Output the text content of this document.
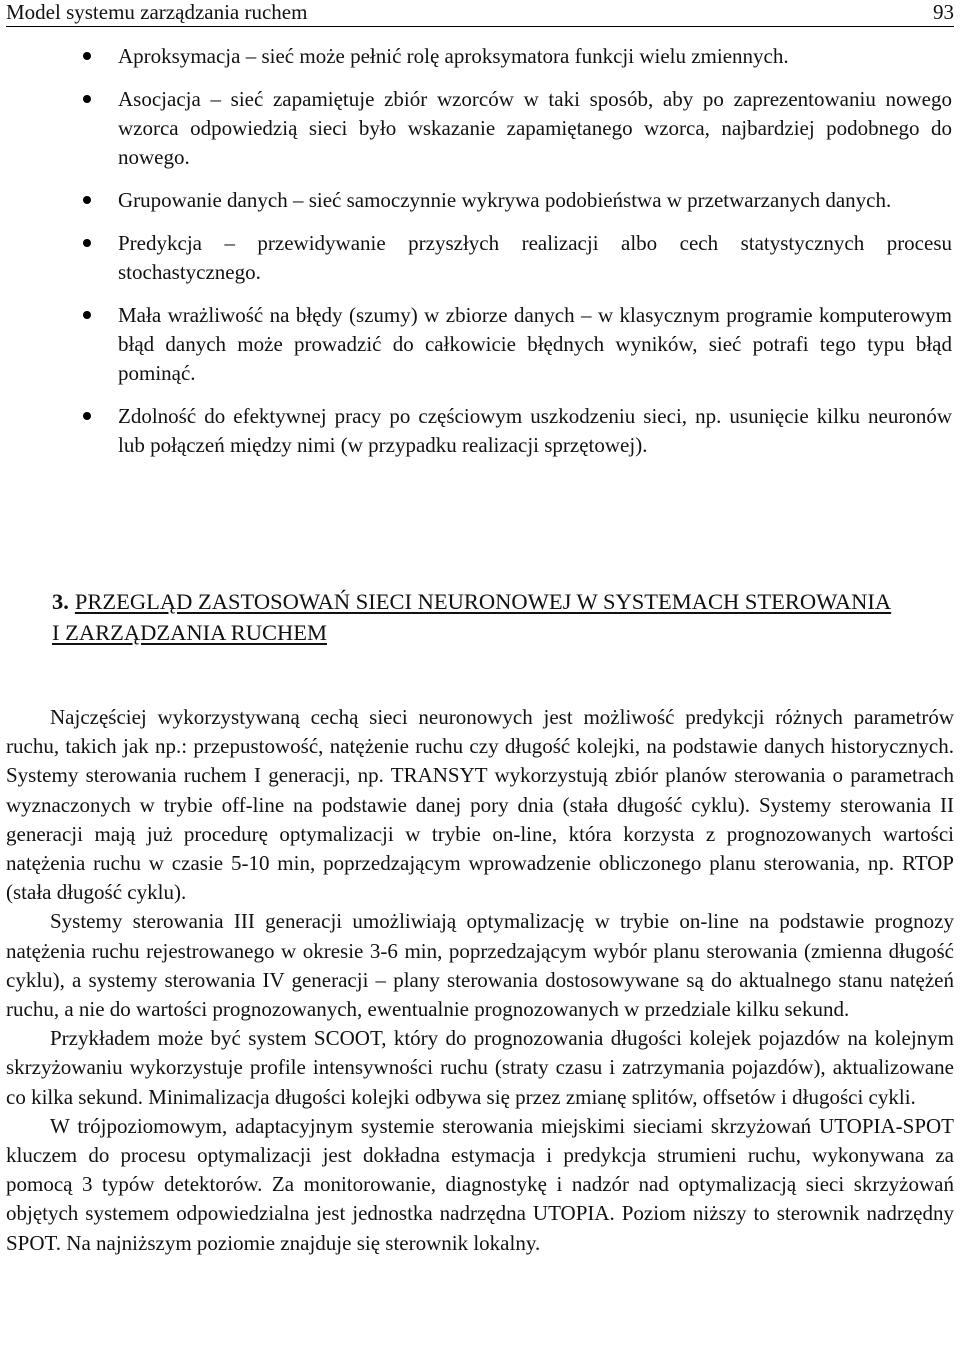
Model systemu zarządzania ruchem	93
Aproksymacja – sieć może pełnić rolę aproksymatora funkcji wielu zmiennych.
Asocjacja – sieć zapamiętuje zbiór wzorców w taki sposób, aby po zaprezentowaniu nowego wzorca odpowiedzią sieci było wskazanie zapamiętanego wzorca, najbardziej podobnego do nowego.
Grupowanie danych – sieć samoczynnie wykrywa podobieństwa w przetwarzanych danych.
Predykcja – przewidywanie przyszłych realizacji albo cech statystycznych procesu stochastycznego.
Mała wrażliwość na błędy (szumy) w zbiorze danych – w klasycznym programie komputerowym błąd danych może prowadzić do całkowicie błędnych wyników, sieć potrafi tego typu błąd pominąć.
Zdolność do efektywnej pracy po częściowym uszkodzeniu sieci, np. usunięcie kilku neuronów lub połączeń między nimi (w przypadku realizacji sprzętowej).
3. PRZEGLĄD ZASTOSOWAŃ SIECI NEURONOWEJ W SYSTEMACH STEROWANIA I ZARZĄDZANIA RUCHEM

Najczęściej wykorzystywaną cechą sieci neuronowych jest możliwość predykcji różnych parametrów ruchu, takich jak np.: przepustowość, natężenie ruchu czy długość kolejki, na podstawie danych historycznych. Systemy sterowania ruchem I generacji, np. TRANSYT wykorzystują zbiór planów sterowania o parametrach wyznaczonych w trybie off-line na podstawie danej pory dnia (stała długość cyklu). Systemy sterowania II generacji mają już procedurę optymalizacji w trybie on-line, która korzysta z prognozowanych wartości natężenia ruchu w czasie 5-10 min, poprzedzającym wprowadzenie obliczonego planu sterowania, np. RTOP (stała długość cyklu).

Systemy sterowania III generacji umożliwiają optymalizację w trybie on-line na podstawie prognozy natężenia ruchu rejestrowanego w okresie 3-6 min, poprzedzającym wybór planu sterowania (zmienna długość cyklu), a systemy sterowania IV generacji – plany sterowania dostosowywane są do aktualnego stanu natężeń ruchu, a nie do wartości prognozowanych, ewentualnie prognozowanych w przedziale kilku sekund.

Przykładem może być system SCOOT, który do prognozowania długości kolejek pojazdów na kolejnym skrzyżowaniu wykorzystuje profile intensywności ruchu (straty czasu i zatrzymania pojazdów), aktualizowane co kilka sekund. Minimalizacja długości kolejki odbywa się przez zmianę splitów, offsetów i długości cykli.

W trójpoziomowym, adaptacyjnym systemie sterowania miejskimi sieciami skrzyżowań UTOPIA-SPOT kluczem do procesu optymalizacji jest dokładna estymacja i predykcja strumieni ruchu, wykonywana za pomocą 3 typów detektorów. Za monitorowanie, diagnostykę i nadzór nad optymalizacją sieci skrzyżowań objętych systemem odpowiedzialna jest jednostka nadrzędna UTOPIA. Poziom niższy to sterownik nadrzędny SPOT. Na najniższym poziomie znajduje się sterownik lokalny.
